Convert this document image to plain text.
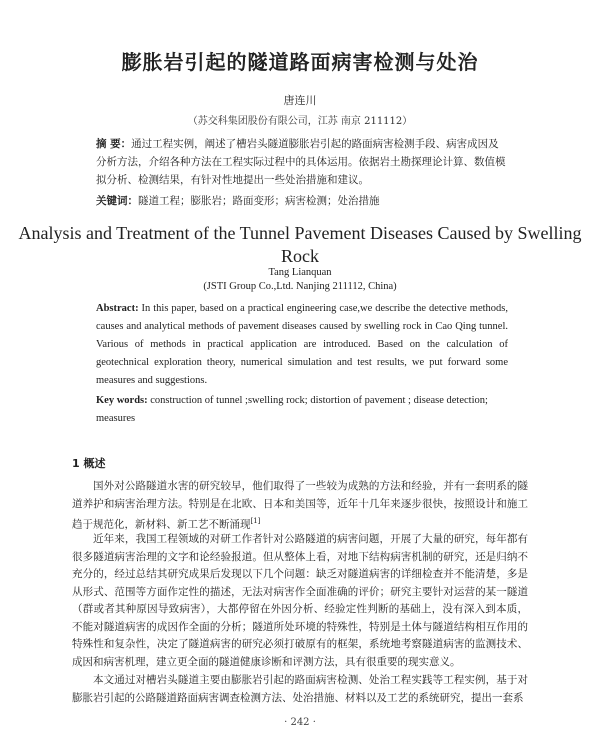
膨胀岩引起的隧道路面病害检测与处治
唐连川
（苏交科集团股份有限公司，江苏 南京 211112）
摘 要：通过工程实例，阐述了槽岩头隧道膨胀岩引起的路面病害检测手段、病害成因及分析方法，介绍各种方法在工程实际过程中的具体运用。依据岩土勘探理论计算、数值模拟分析、检测结果，有针对性地提出一些处治措施和建议。
关键词：隧道工程；膨胀岩；路面变形；病害检测；处治措施
Analysis and Treatment of the Tunnel Pavement Diseases Caused by Swelling Rock
Tang Lianquan
(JSTI Group Co.,Ltd. Nanjing 211112, China)
Abstract: In this paper, based on a practical engineering case,we describe the detective methods, causes and analytical methods of pavement diseases caused by swelling rock in Cao Qing tunnel. Various of methods in practical application are introduced. Based on the calculation of geotechnical exploration theory, numerical simulation and test results, we put forward some measures and suggestions.
Key words: construction of tunnel ;swelling rock; distortion of pavement ; disease detection; measures
1 概述
国外对公路隧道水害的研究较早，他们取得了一些较为成熟的方法和经验，并有一套明系的隧道养护和病害治理方法。特别是在北欧、日本和美国等，近年十几年来逐步很快，按照设计和施工趋于规范化，新材料、新工艺不断涌现[1]
近年来，我国工程领域的对研工作者针对公路隧道的病害问题，开展了大量的研究，每年都有很多隧道病害治理的文字和论经验报道。但从整体上看，对地下结构病害机制的研究，还是归纳不充分的，经过总结其研究成果后发现以下几个问题：缺乏对隧道病害的详细检查并不能清楚，多是从形式、范围等方面作定性的描述，无法对病害作全面准确的评价；研究主要针对运营的某一隧道（群或者其种原因导致病害），大都停留在外因分析、经验定性判断的基础上，没有深入到本质，不能对隧道病害的成因作全面的分析；隧道所处环境的特殊性，特别是土体与隧道结构相互作用的特殊性和复杂性，决定了隧道病害的研究必须打破原有的框架，系统地考察隧道病害的监测技术、成因和病害机理，建立更全面的隧道健康诊断和评测方法，具有很重要的现实意义。
本文通过对槽岩头隧道主要由膨胀岩引起的路面病害检测、处治工程实践等工程实例，基于对膨胀岩引起的公路隧道路面病害调查检测方法、处治措施、材料以及工艺的系统研究，提出一套系
· 242 ·
